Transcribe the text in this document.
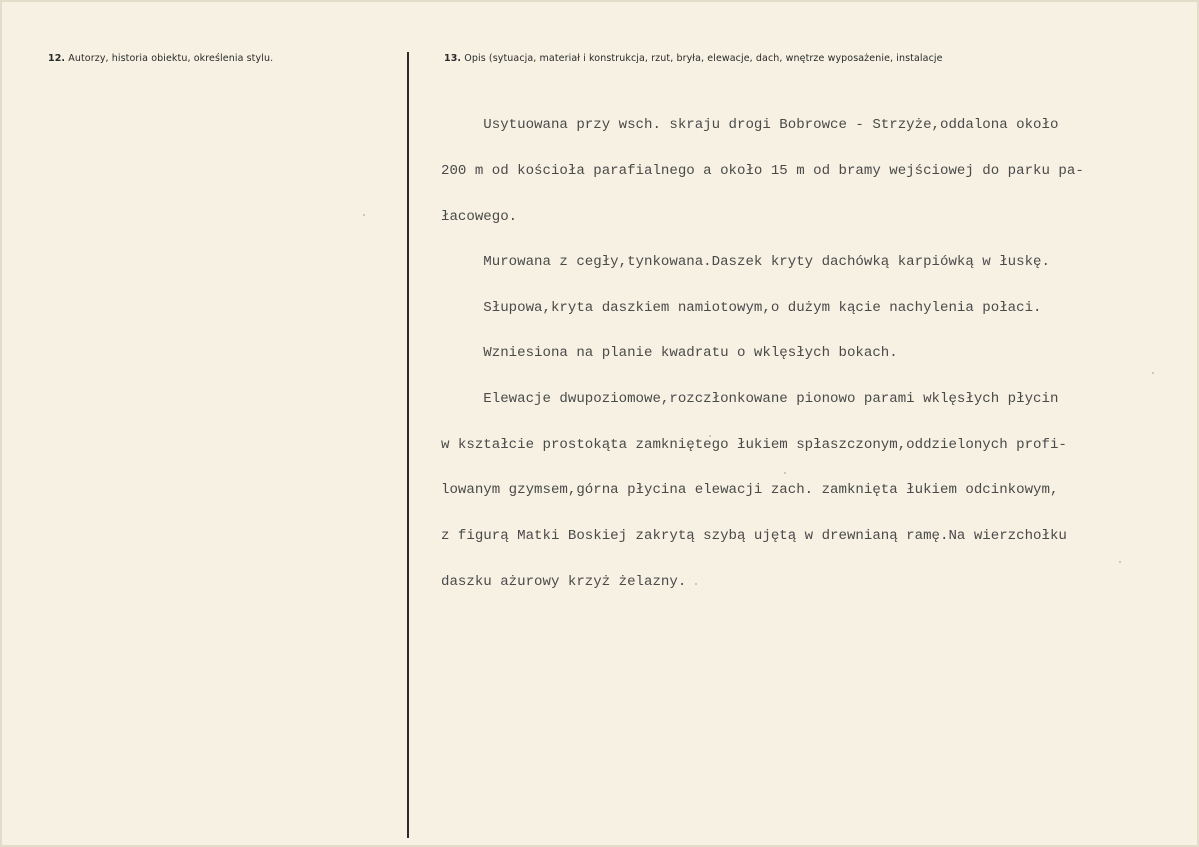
12. Autorzy, historia obiektu, określenia stylu.	13. Opis (sytuacja, materiał i konstrukcja, rzut, bryła, elewacje, dach, wnętrze wyposażenie, instalacje

Usytuowana przy wsch. skraju drogi Bobrowce - Strzyże,oddalona około

200 m od kościoła parafialnego a około 15 m od bramy wejściowej do parku pa-

łacowego.

Murowana z cegły,tynkowana.Daszek kryty dachówką karpiówką w łuskę.

Słupowa,kryta daszkiem namiotowym,o dużym kącie nachylenia połaci.

Wzniesiona na planie kwadratu o wklęsłych bokach.

Elewacje dwupoziomowe,rozczłonkowane pionowo parami wklęsłych płycin

w kształcie prostokąta zamkniętego łukiem spłaszczonym,oddzielonych profi-

lowanym gzymsem,górna płycina elewacji zach. zamknięta łukiem odcinkowym,

z figurą Matki Boskiej zakrytą szybą ujętą w drewnianą ramę.Na wierzchołku

daszku ażurowy krzyż żelazny.
